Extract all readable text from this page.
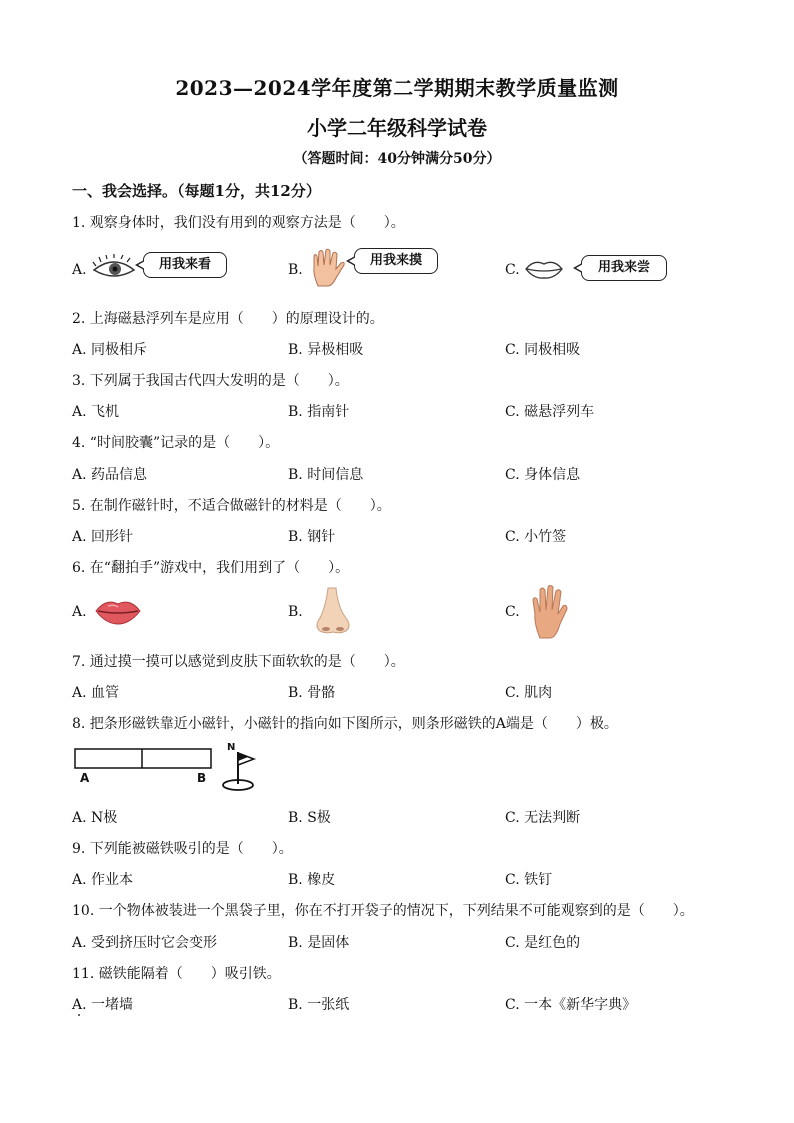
2023—2024学年度第二学期期末教学质量监测
小学二年级科学试卷
（答题时间：40分钟满分50分）
一、我会选择。（每题1分，共12分）
1. 观察身体时，我们没有用到的观察方法是（　　）。
A.	用我来看	B.
用我来摸
C.	用我来尝
2. 上海磁悬浮列车是应用（　　）的原理设计的。
A. 同极相斥	B. 异极相吸	C. 同极相吸
3. 下列属于我国古代四大发明的是（　　）。
A. 飞机	B. 指南针	C. 磁悬浮列车
4. “时间胶囊”记录的是（　　）。
A. 药品信息	B. 时间信息	C. 身体信息
5. 在制作磁针时，不适合做磁针的材料是（　　）。
A. 回形针	B. 钢针	C. 小竹签
6. 在“翻拍手”游戏中，我们用到了（　　）。
A.	B.	C.
7. 通过摸一摸可以感觉到皮肤下面软软的是（　　）。
A. 血管	B. 骨骼	C. 肌肉
8. 把条形磁铁靠近小磁针，小磁针的指向如下图所示，则条形磁铁的A端是（　　）极。
A	B
N
A. N极	B. S极	C. 无法判断
9. 下列能被磁铁吸引的是（　　）。
A. 作业本	B. 橡皮	C. 铁钉
10. 一个物体被装进一个黑袋子里，你在不打开袋子的情况下，下列结果不可能观察到的是（　　）。
A. 受到挤压时它会变形	B. 是固体	C. 是红色的
11. 磁铁能隔着（　　）吸引铁。
A. 一堵墙	B. 一张纸	C. 一本《新华字典》
